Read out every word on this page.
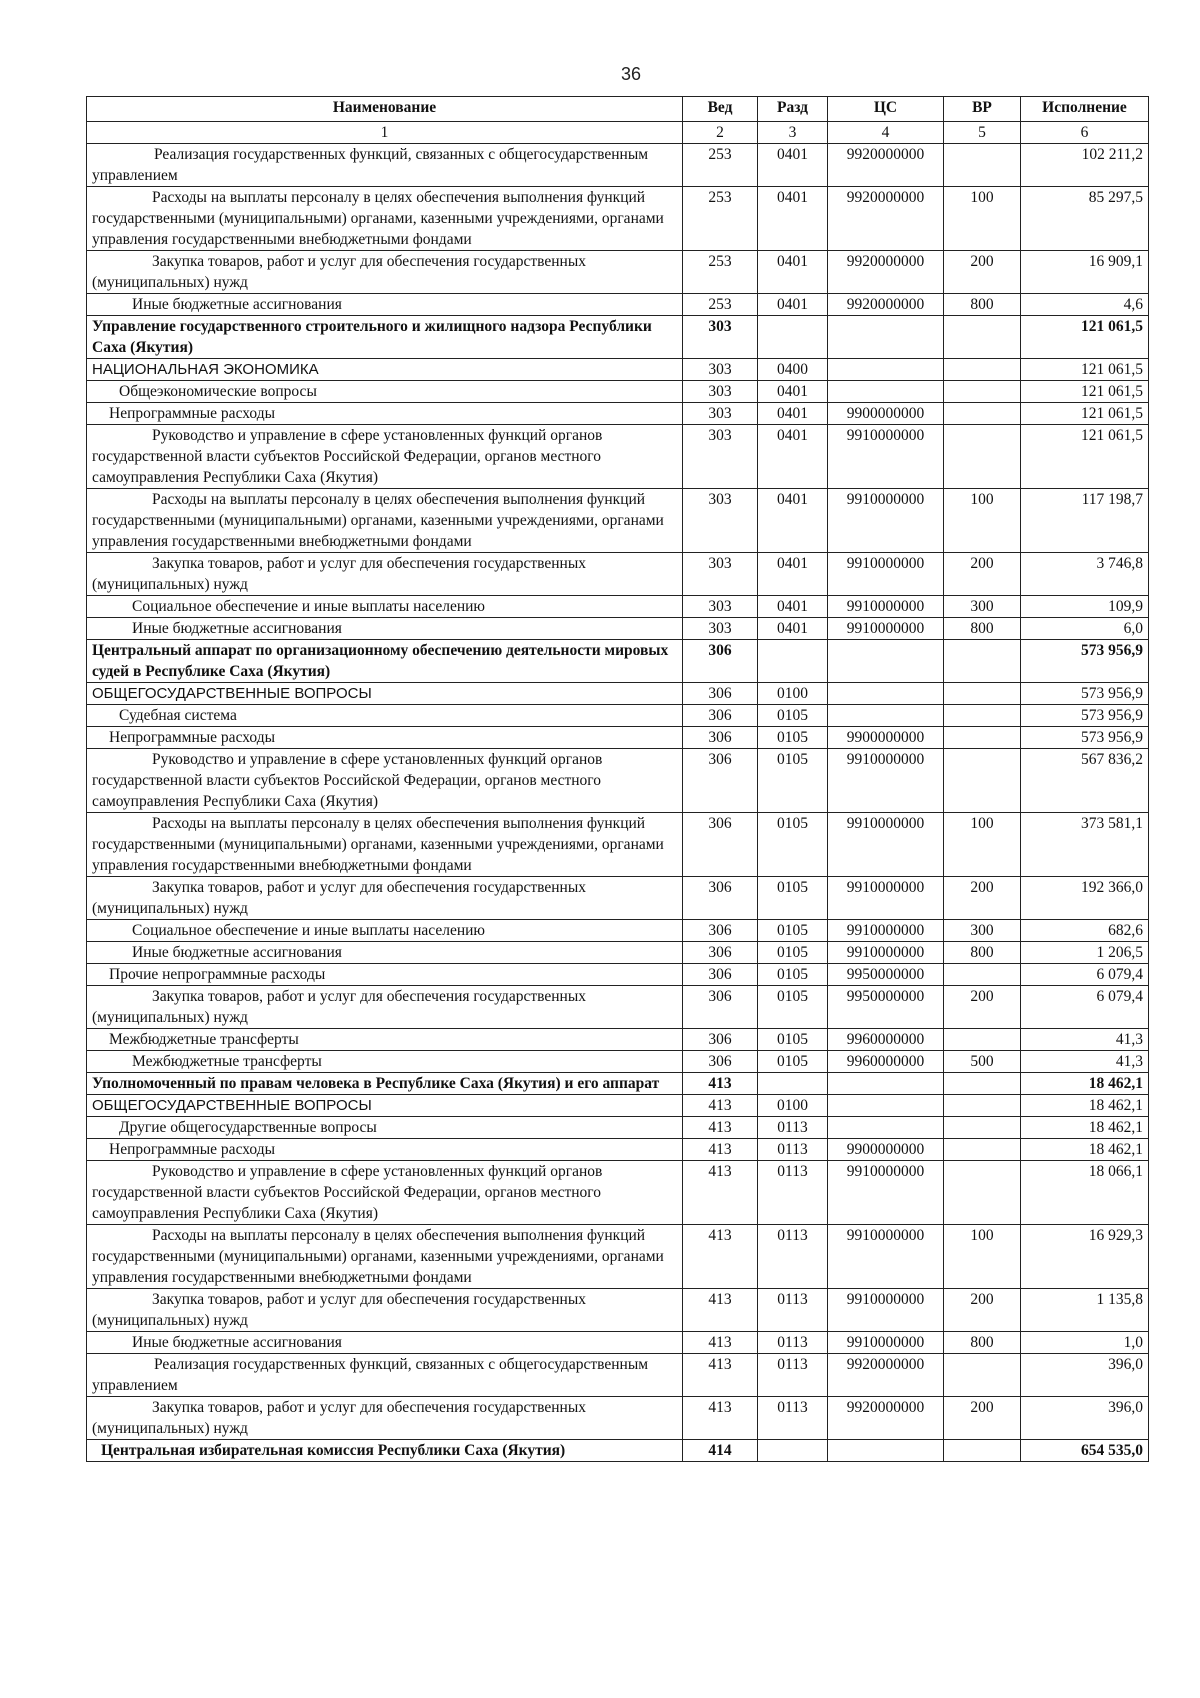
36
Наименование	Вед	Разд	ЦС	ВР	Исполнение
1	2	3	4	5	6
Реализация государственных функций, связанных с общегосударственным управлением	253	0401	9920000000		102 211,2
Расходы на выплаты персоналу в целях обеспечения выполнения функций государственными (муниципальными) органами, казенными учреждениями, органами управления государственными внебюджетными фондами	253	0401	9920000000	100	85 297,5
Закупка товаров, работ и услуг для обеспечения государственных (муниципальных) нужд	253	0401	9920000000	200	16 909,1
Иные бюджетные ассигнования	253	0401	9920000000	800	4,6
Управление государственного строительного и жилищного надзора Республики Саха (Якутия)	303				121 061,5
НАЦИОНАЛЬНАЯ ЭКОНОМИКА	303	0400			121 061,5
Общеэкономические вопросы	303	0401			121 061,5
Непрограммные расходы	303	0401	9900000000		121 061,5
Руководство и управление в сфере установленных функций органов государственной власти субъектов Российской Федерации, органов местного самоуправления Республики Саха (Якутия)	303	0401	9910000000		121 061,5
Расходы на выплаты персоналу в целях обеспечения выполнения функций государственными (муниципальными) органами, казенными учреждениями, органами управления государственными внебюджетными фондами	303	0401	9910000000	100	117 198,7
Закупка товаров, работ и услуг для обеспечения государственных (муниципальных) нужд	303	0401	9910000000	200	3 746,8
Социальное обеспечение и иные выплаты населению	303	0401	9910000000	300	109,9
Иные бюджетные ассигнования	303	0401	9910000000	800	6,0
Центральный аппарат по организационному обеспечению деятельности мировых судей в Республике Саха (Якутия)	306				573 956,9
ОБЩЕГОСУДАРСТВЕННЫЕ ВОПРОСЫ	306	0100			573 956,9
Судебная система	306	0105			573 956,9
Непрограммные расходы	306	0105	9900000000		573 956,9
Руководство и управление в сфере установленных функций органов государственной власти субъектов Российской Федерации, органов местного самоуправления Республики Саха (Якутия)	306	0105	9910000000		567 836,2
Расходы на выплаты персоналу в целях обеспечения выполнения функций государственными (муниципальными) органами, казенными учреждениями, органами управления государственными внебюджетными фондами	306	0105	9910000000	100	373 581,1
Закупка товаров, работ и услуг для обеспечения государственных (муниципальных) нужд	306	0105	9910000000	200	192 366,0
Социальное обеспечение и иные выплаты населению	306	0105	9910000000	300	682,6
Иные бюджетные ассигнования	306	0105	9910000000	800	1 206,5
Прочие непрограммные расходы	306	0105	9950000000		6 079,4
Закупка товаров, работ и услуг для обеспечения государственных (муниципальных) нужд	306	0105	9950000000	200	6 079,4
Межбюджетные трансферты	306	0105	9960000000		41,3
Межбюджетные трансферты	306	0105	9960000000	500	41,3
Уполномоченный по правам человека в Республике Саха (Якутия) и его аппарат	413				18 462,1
ОБЩЕГОСУДАРСТВЕННЫЕ ВОПРОСЫ	413	0100			18 462,1
Другие общегосударственные вопросы	413	0113			18 462,1
Непрограммные расходы	413	0113	9900000000		18 462,1
Руководство и управление в сфере установленных функций органов государственной власти субъектов Российской Федерации, органов местного самоуправления Республики Саха (Якутия)	413	0113	9910000000		18 066,1
Расходы на выплаты персоналу в целях обеспечения выполнения функций государственными (муниципальными) органами, казенными учреждениями, органами управления государственными внебюджетными фондами	413	0113	9910000000	100	16 929,3
Закупка товаров, работ и услуг для обеспечения государственных (муниципальных) нужд	413	0113	9910000000	200	1 135,8
Иные бюджетные ассигнования	413	0113	9910000000	800	1,0
Реализация государственных функций, связанных с общегосударственным управлением	413	0113	9920000000		396,0
Закупка товаров, работ и услуг для обеспечения государственных (муниципальных) нужд	413	0113	9920000000	200	396,0
Центральная избирательная комиссия Республики Саха (Якутия)	414				654 535,0
